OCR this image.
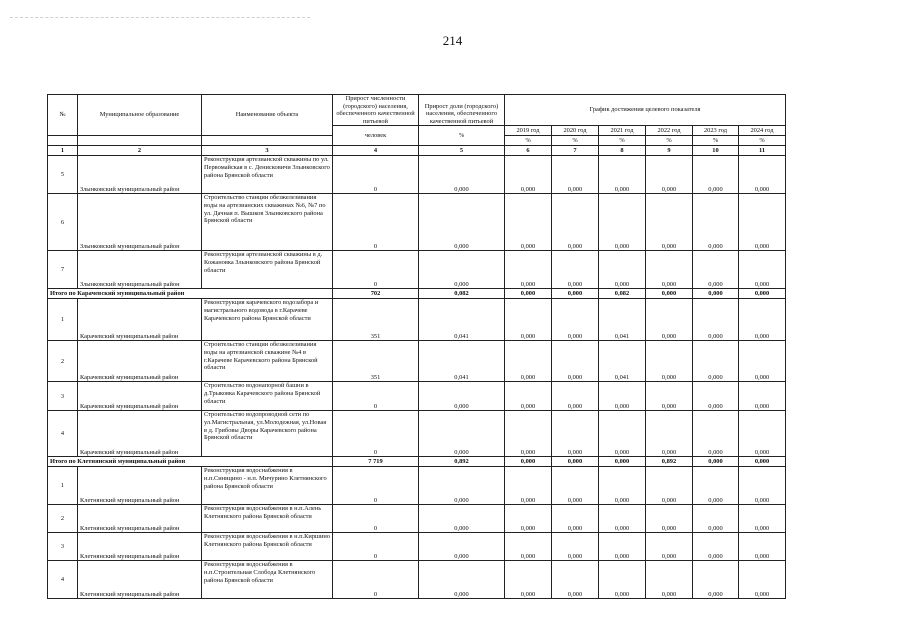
214
№	Муниципальное образование	Наименование объекта	Прирост численности (городского) населения, обеспеченного качественной питьевой	Прирост доли (городского) населения, обеспеченного качественной питьевой	График достижения целевого показателя					
			человек	%	2019 год	2020 год	2021 год	2022 год	2023 год	2024 год
					%	%	%	%	%	%
1	2	3	4	5	6	7	8	9	10	11
5	Злынковский муниципальный район	Реконструкция артезианской скважины по ул. Первомайская в с. Денисковичи Злынковского района Брянской области	0	0,000	0,000	0,000	0,000	0,000	0,000	0,000
6	Злынковский муниципальный район	Строительство станции обезжелезивания воды на артезианских скважинах №6, №7 по ул. Дачная п. Вышков Злынковского района Брянской области	0	0,000	0,000	0,000	0,000	0,000	0,000	0,000
7	Злынковский муниципальный район	Реконструкция артезианской скважины в д. Кожановка Злынковского района Брянской области	0	0,000	0,000	0,000	0,000	0,000	0,000	0,000
Итого по Карачевский муниципальный район			702	0,082	0,000	0,000	0,082	0,000	0,000	0,000
1	Карачевский муниципальный район	Реконструкция карачевского водозабора и магистрального водовода в г.Карачеве Карачевского района Брянской области	351	0,041	0,000	0,000	0,041	0,000	0,000	0,000
2	Карачевский муниципальный район	Строительство станции обезжелезивания воды на артезианской скважине №4 в г.Карачеве Карачевского района Брянской области	351	0,041	0,000	0,000	0,041	0,000	0,000	0,000
3	Карачевский муниципальный район	Строительство водонапорной башни в д.Трыковка Карачевского района Брянской области	0	0,000	0,000	0,000	0,000	0,000	0,000	0,000
4	Карачевский муниципальный район	Строительство водопроводной сети по ул.Магистральная, ул.Молодежная, ул.Новая в д. Грибовы Дворы Карачевского района Брянской области	0	0,000	0,000	0,000	0,000	0,000	0,000	0,000
Итого по Клетнянский муниципальный район			7 719	0,892	0,000	0,000	0,000	0,892	0,000	0,000
1	Клетнянский муниципальный район	Реконструкция водоснабжения в н.п.Синицино - н.п. Мичурино Клетнянского района Брянской области	0	0,000	0,000	0,000	0,000	0,000	0,000	0,000
2	Клетнянский муниципальный район	Реконструкция водоснабжения в н.п.Алень Клетнянского района Брянской области	0	0,000	0,000	0,000	0,000	0,000	0,000	0,000
3	Клетнянский муниципальный район	Реконструкция водоснабжения в н.п.Киршино Клетнянского района Брянской области	0	0,000	0,000	0,000	0,000	0,000	0,000	0,000
4	Клетнянский муниципальный район	Реконструкция водоснабжения в н.п.Строительная Слобода Клетнянского района Брянской области	0	0,000	0,000	0,000	0,000	0,000	0,000	0,000
